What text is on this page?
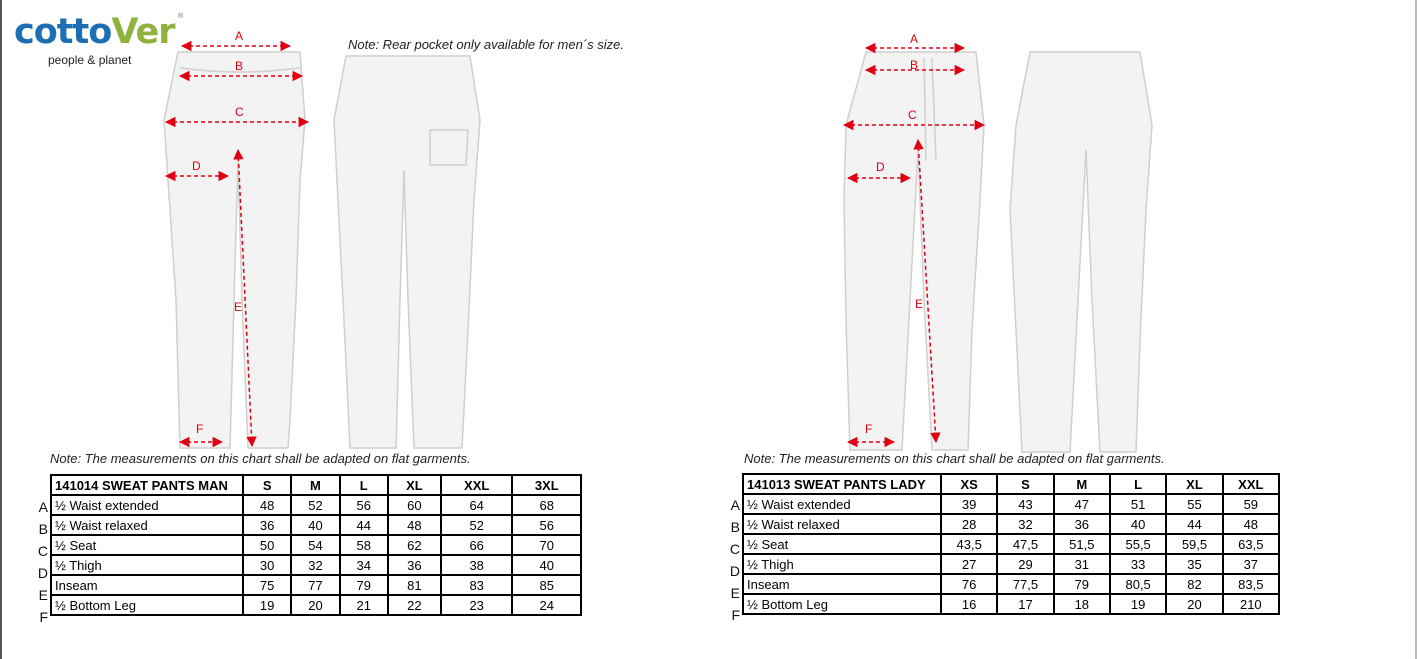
cottoVer ®
people & planet
Note: Rear pocket only available for men´s size.
Note: The measurements on this chart shall be adapted on flat garments.	Note: The measurements on this chart shall be adapted on flat garments.
A
B
C
D
E
F
A
B
C
D
E
F
A
B
C
D
E
F
141014 SWEAT PANTS MAN	S	M	L	XL	XXL	3XL
½ Waist extended	48	52	56	60	64	68
½ Waist relaxed	36	40	44	48	52	56
½ Seat	50	54	58	62	66	70
½ Thigh	30	32	34	36	38	40
Inseam	75	77	79	81	83	85
½ Bottom Leg	19	20	21	22	23	24
A
B
C
D
E
F
141013 SWEAT PANTS LADY	XS	S	M	L	XL	XXL
½ Waist extended	39	43	47	51	55	59
½ Waist relaxed	28	32	36	40	44	48
½ Seat	43,5	47,5	51,5	55,5	59,5	63,5
½ Thigh	27	29	31	33	35	37
Inseam	76	77,5	79	80,5	82	83,5
½ Bottom Leg	16	17	18	19	20	210
